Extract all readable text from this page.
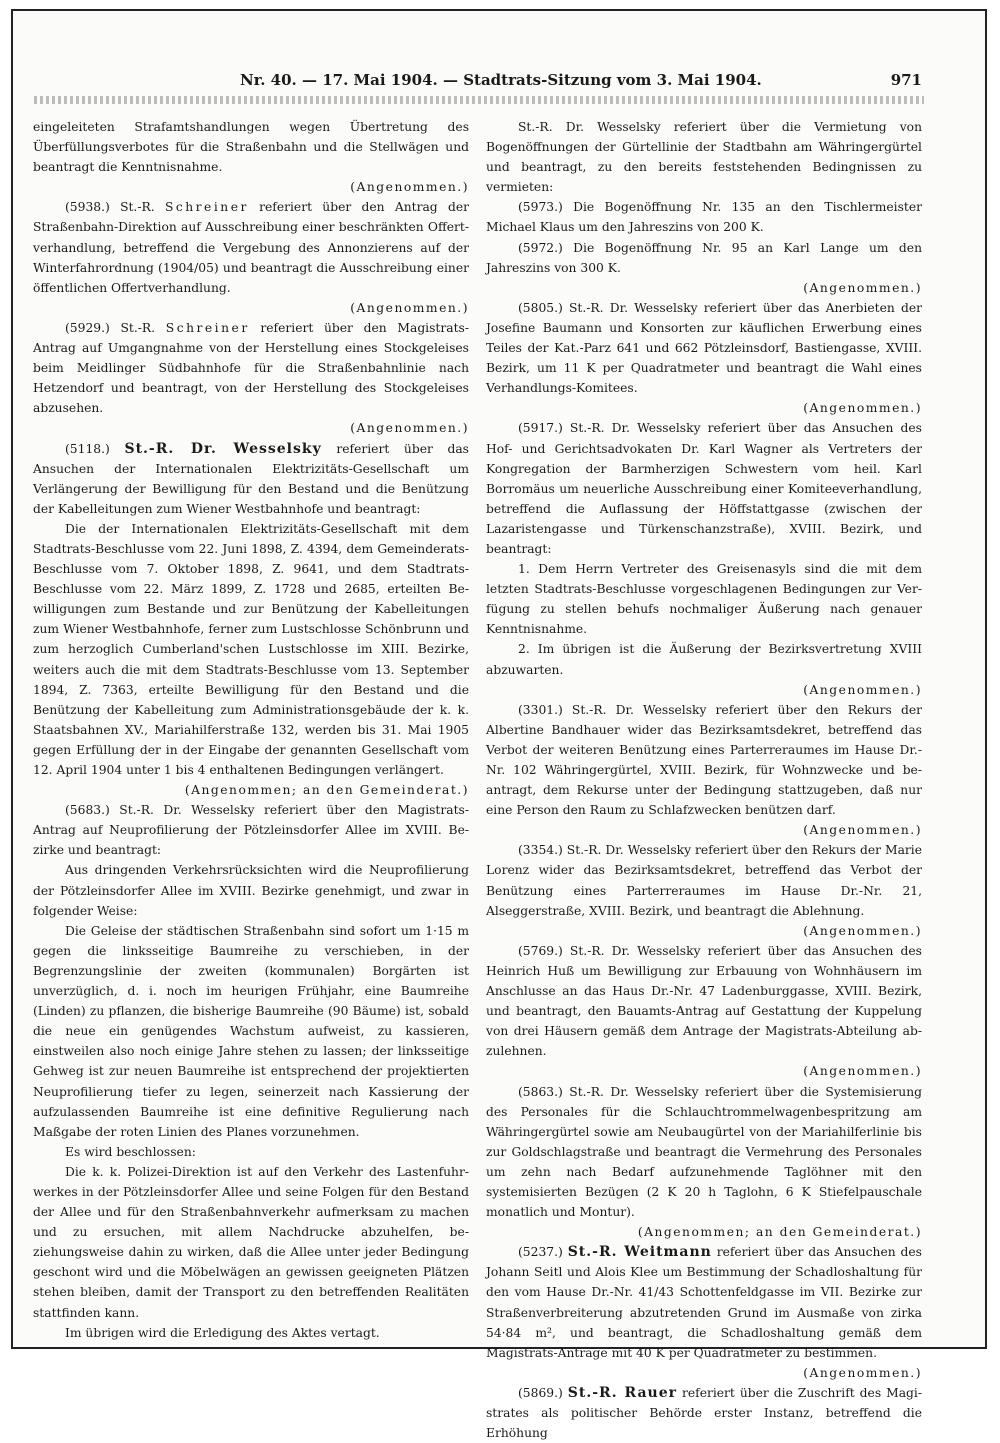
Nr. 40. — 17. Mai 1904. — Stadtrats-Sitzung vom 3. Mai 1904.	971

eingeleiteten Strafamtshandlungen wegen Übertretung des Überfüllungsverbotes für die Straßenbahn und die Stellwägen und beantragt die Kenntnisnahme.

(Angenommen.)

(5938.) St.-R. Schreiner referiert über den Antrag der Straßenbahn-Direktion auf Ausschreibung einer beschränkten Offertverhandlung, betreffend die Vergebung des Annonzierens auf der Winterfahrordnung (1904/05) und beantragt die Ausschreibung einer öffentlichen Offertverhandlung.

(Angenommen.)

(5929.) St.-R. Schreiner referiert über den Magistrats-Antrag auf Umgangnahme von der Herstellung eines Stockgeleises beim Meidlinger Südbahnhofe für die Straßenbahnlinie nach Hetzendorf und beantragt, von der Herstellung des Stockgeleises abzusehen.

(Angenommen.)

(5118.) St.-R. Dr. Wesselsky referiert über das Ansuchen der Internationalen Elektrizitäts-Gesellschaft um Verlängerung der Bewilligung für den Bestand und die Benützung der Kabelleitungen zum Wiener Westbahnhofe und beantragt:

Die der Internationalen Elektrizitäts-Gesellschaft mit dem Stadtrats-Beschlusse vom 22. Juni 1898, Z. 4394, dem Gemeinderats-Beschlusse vom 7. Oktober 1898, Z. 9641, und dem Stadtrats-Beschlusse vom 22. März 1899, Z. 1728 und 2685, erteilten Bewilligungen zum Bestande und zur Benützung der Kabelleitungen zum Wiener Westbahnhofe, ferner zum Lustschlosse Schönbrunn und zum herzoglich Cumberland'schen Lustschlosse im XIII. Bezirke, weiters auch die mit dem Stadtrats-Beschlusse vom 13. September 1894, Z. 7363, erteilte Bewilligung für den Bestand und die Benützung der Kabelleitung zum Administrationsgebäude der k. k. Staatsbahnen XV., Mariahilferstraße 132, werden bis 31. Mai 1905 gegen Erfüllung der in der Eingabe der genannten Gesellschaft vom 12. April 1904 unter 1 bis 4 enthaltenen Bedingungen verlängert.

(Angenommen; an den Gemeinderat.)

(5683.) St.-R. Dr. Wesselsky referiert über den Magistrats-Antrag auf Neuprofilierung der Pötzleinsdorfer Allee im XVIII. Bezirke und beantragt:

Aus dringenden Verkehrsrücksichten wird die Neuprofilierung der Pötzleinsdorfer Allee im XVIII. Bezirke genehmigt, und zwar in folgender Weise:

Die Geleise der städtischen Straßenbahn sind sofort um 1·15 m gegen die linksseitige Baumreihe zu verschieben, in der Begrenzungslinie der zweiten (kommunalen) Borgärten ist unverzüglich, d. i. noch im heurigen Frühjahr, eine Baumreihe (Linden) zu pflanzen, die bisherige Baumreihe (90 Bäume) ist, sobald die neue ein genügendes Wachstum aufweist, zu kassieren, einstweilen also noch einige Jahre stehen zu lassen; der linksseitige Gehweg ist zur neuen Baumreihe ist entsprechend der projektierten Neuprofilierung tiefer zu legen, seinerzeit nach Kassierung der aufzulassenden Baumreihe ist eine definitive Regulierung nach Maßgabe der roten Linien des Planes vorzunehmen.

Es wird beschlossen:

Die k. k. Polizei-Direktion ist auf den Verkehr des Lastenfuhrwerkes in der Pötzleinsdorfer Allee und seine Folgen für den Bestand der Allee und für den Straßenbahnverkehr aufmerksam zu machen und zu ersuchen, mit allem Nachdrucke abzuhelfen, beziehungsweise dahin zu wirken, daß die Allee unter jeder Bedingung geschont wird und die Möbelwägen an gewissen geeigneten Plätzen stehen bleiben, damit der Transport zu den betreffenden Realitäten stattfinden kann.

Im übrigen wird die Erledigung des Aktes vertagt.

St.-R. Dr. Wesselsky referiert über die Vermietung von Bogenöffnungen der Gürtellinie der Stadtbahn am Währingergürtel und beantragt, zu den bereits feststehenden Bedingnissen zu vermieten:

(5973.) Die Bogenöffnung Nr. 135 an den Tischlermeister Michael Klaus um den Jahreszins von 200 K.

(5972.) Die Bogenöffnung Nr. 95 an Karl Lange um den Jahreszins von 300 K.

(Angenommen.)

(5805.) St.-R. Dr. Wesselsky referiert über das Anerbieten der Josefine Baumann und Konsorten zur käuflichen Erwerbung eines Teiles der Kat.-Parz 641 und 662 Pötzleinsdorf, Bastiengasse, XVIII. Bezirk, um 11 K per Quadratmeter und beantragt die Wahl eines Verhandlungs-Komitees.

(Angenommen.)

(5917.) St.-R. Dr. Wesselsky referiert über das Ansuchen des Hof- und Gerichtsadvokaten Dr. Karl Wagner als Vertreters der Kongregation der Barmherzigen Schwestern vom heil. Karl Borromäus um neuerliche Ausschreibung einer Komiteeverhandlung, betreffend die Auflassung der Höffstattgasse (zwischen der Lazaristengasse und Türkenschanzstraße), XVIII. Bezirk, und beantragt:

1. Dem Herrn Vertreter des Greisenasyls sind die mit dem letzten Stadtrats-Beschlusse vorgeschlagenen Bedingungen zur Verfügung zu stellen behufs nochmaliger Äußerung nach genauer Kenntnisnahme.

2. Im übrigen ist die Äußerung der Bezirksvertretung XVIII abzuwarten.

(Angenommen.)

(3301.) St.-R. Dr. Wesselsky referiert über den Rekurs der Albertine Bandhauer wider das Bezirksamtsdekret, betreffend das Verbot der weiteren Benützung eines Parterreraumes im Hause Dr.-Nr. 102 Währingergürtel, XVIII. Bezirk, für Wohnzwecke und beantragt, dem Rekurse unter der Bedingung stattzugeben, daß nur eine Person den Raum zu Schlafzwecken benützen darf.

(Angenommen.)

(3354.) St.-R. Dr. Wesselsky referiert über den Rekurs der Marie Lorenz wider das Bezirksamtsdekret, betreffend das Verbot der Benützung eines Parterreraumes im Hause Dr.-Nr. 21, Alseggerstraße, XVIII. Bezirk, und beantragt die Ablehnung.

(Angenommen.)

(5769.) St.-R. Dr. Wesselsky referiert über das Ansuchen des Heinrich Huß um Bewilligung zur Erbauung von Wohnhäusern im Anschlusse an das Haus Dr.-Nr. 47 Ladenburggasse, XVIII. Bezirk, und beantragt, den Bauamts-Antrag auf Gestattung der Kuppelung von drei Häusern gemäß dem Antrage der Magistrats-Abteilung abzulehnen.

(Angenommen.)

(5863.) St.-R. Dr. Wesselsky referiert über die Systemisierung des Personales für die Schlauchtrommelwagenbespritzung am Währingergürtel sowie am Neubaugürtel von der Mariahilferlinie bis zur Goldschlagstraße und beantragt die Vermehrung des Personales um zehn nach Bedarf aufzunehmende Taglöhner mit den systemisierten Bezügen (2 K 20 h Taglohn, 6 K Stiefelpauschale monatlich und Montur).

(Angenommen; an den Gemeinderat.)

(5237.) St.-R. Weitmann referiert über das Ansuchen des Johann Seitl und Alois Klee um Bestimmung der Schadloshaltung für den vom Hause Dr.-Nr. 41/43 Schottenfeldgasse im VII. Bezirke zur Straßenverbreiterung abzutretenden Grund im Ausmaße von zirka 54·84 m², und beantragt, die Schadloshaltung gemäß dem Magistrats-Antrage mit 40 K per Quadratmeter zu bestimmen.

(Angenommen.)

(5869.) St.-R. Rauer referiert über die Zuschrift des Magistrates als politischer Behörde erster Instanz, betreffend die Erhöhung
